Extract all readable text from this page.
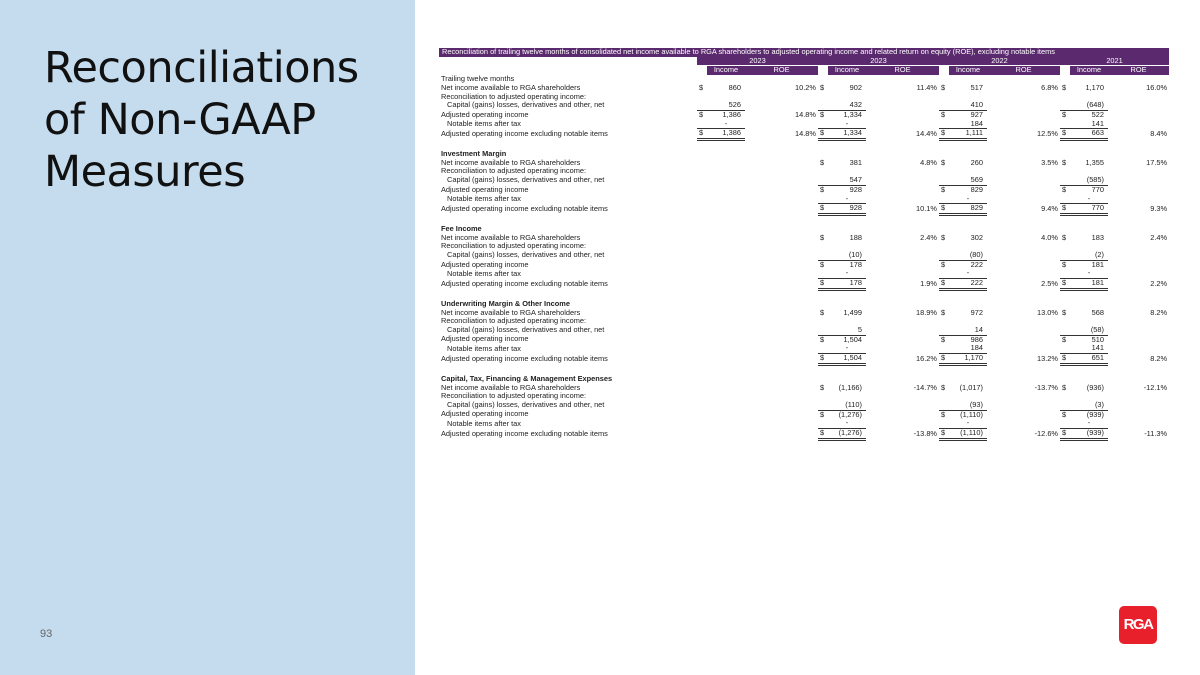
Reconciliations of Non-GAAP Measures
93
RGA
Reconciliation of trailing twelve months of consolidated net income available to RGA shareholders to adjusted operating income and related return on equity (ROE), excluding notable items												
	2023			2023			2022			2021		
		Income	ROE		Income	ROE		Income	ROE		Income	ROE
Trailing twelve months												
Net income available to RGA shareholders	$	860	10.2%	$	902	11.4%	$	517	6.8%	$	1,170	16.0%
Reconciliation to adjusted operating income:												
Capital (gains) losses, derivatives and other, net		526			432			410			(648)	
Adjusted operating income	$	1,386	14.8%	$	1,334		$	927		$	522	
Notable items after tax		-			-			184			141	
Adjusted operating income excluding notable items	$	1,386	14.8%	$	1,334	14.4%	$	1,111	12.5%	$	663	8.4%

Investment Margin												
Net income available to RGA shareholders				$	381	4.8%	$	260	3.5%	$	1,355	17.5%
Reconciliation to adjusted operating income:												
Capital (gains) losses, derivatives and other, net					547			569			(585)	
Adjusted operating income				$	928		$	829		$	770	
Notable items after tax					-			-			-	
Adjusted operating income excluding notable items				$	928	10.1%	$	829	9.4%	$	770	9.3%

Fee Income												
Net income available to RGA shareholders				$	188	2.4%	$	302	4.0%	$	183	2.4%
Reconciliation to adjusted operating income:												
Capital (gains) losses, derivatives and other, net					(10)			(80)			(2)	
Adjusted operating income				$	178		$	222		$	181	
Notable items after tax					-			-			-	
Adjusted operating income excluding notable items				$	178	1.9%	$	222	2.5%	$	181	2.2%

Underwriting Margin & Other Income												
Net income available to RGA shareholders				$	1,499	18.9%	$	972	13.0%	$	568	8.2%
Reconciliation to adjusted operating income:												
Capital (gains) losses, derivatives and other, net					5			14			(58)	
Adjusted operating income				$	1,504		$	986		$	510	
Notable items after tax					-			184			141	
Adjusted operating income excluding notable items				$	1,504	16.2%	$	1,170	13.2%	$	651	8.2%

Capital, Tax, Financing & Management Expenses												
Net income available to RGA shareholders				$	(1,166)	-14.7%	$	(1,017)	-13.7%	$	(936)	-12.1%
Reconciliation to adjusted operating income:												
Capital (gains) losses, derivatives and other, net					(110)			(93)			(3)	
Adjusted operating income				$	(1,276)		$	(1,110)		$	(939)	
Notable items after tax					-			-			-	
Adjusted operating income excluding notable items				$	(1,276)	-13.8%	$	(1,110)	-12.6%	$	(939)	-11.3%
